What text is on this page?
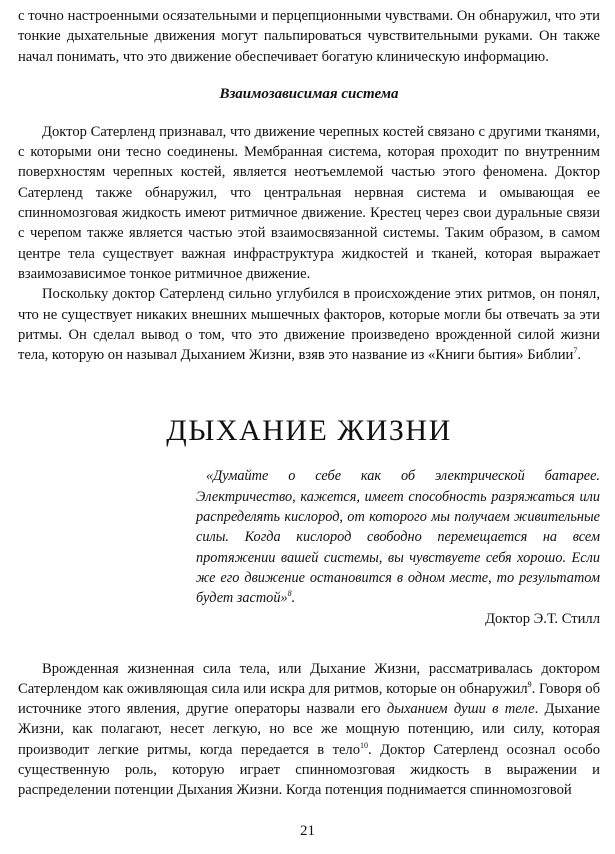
с точно настроенными осязательными и перцепционными чувствами. Он обнаружил, что эти тонкие дыхательные движения могут пальпироваться чувствительными руками. Он также начал понимать, что это движение обеспечивает богатую клиническую информацию.

Взаимозависимая система

Доктор Сатерленд признавал, что движение черепных костей связано с другими тканями, с которыми они тесно соединены. Мембранная система, которая проходит по внутренним поверхностям черепных костей, является неотъемлемой частью этого феномена. Доктор Сатерленд также обнаружил, что центральная нервная система и омывающая ее спинномозговая жидкость имеют ритмичное движение. Крестец через свои дуральные связи с черепом также является частью этой взаимосвязанной системы. Таким образом, в самом центре тела существует важная инфраструктура жидкостей и тканей, которая выражает взаимозависимое тонкое ритмичное движение.

Поскольку доктор Сатерленд сильно углубился в происхождение этих ритмов, он понял, что не существует никаких внешних мышечных факторов, которые могли бы отвечать за эти ритмы. Он сделал вывод о том, что это движение произведено врожденной силой жизни тела, которую он называл Дыханием Жизни, взяв это название из «Книги бытия» Библии$^7$.

ДЫХАНИЕ ЖИЗНИ

«Думайте о себе как об электрической батарее. Электричество, кажется, имеет способность разряжаться или распределять кислород, от которого мы получаем живительные силы. Когда кислород свободно перемещается на всем протяжении вашей системы, вы чувствуете себя хорошо. Если же его движение остановится в одном месте, то результатом будет застой»$^8$.

Доктор Э.Т. Стилл

Врожденная жизненная сила тела, или Дыхание Жизни, рассматривалась доктором Сатерлендом как оживляющая сила или искра для ритмов, которые он обнаружил$^9$. Говоря об источнике этого явления, другие операторы назвали его дыханием души в теле. Дыхание Жизни, как полагают, несет легкую, но все же мощную потенцию, или силу, которая производит легкие ритмы, когда передается в тело$^{10}$. Доктор Сатерленд осознал особо существенную роль, которую играет спинномозговая жидкость в выражении и распределении потенции Дыхания Жизни. Когда потенция поднимается спинномозговой

21
